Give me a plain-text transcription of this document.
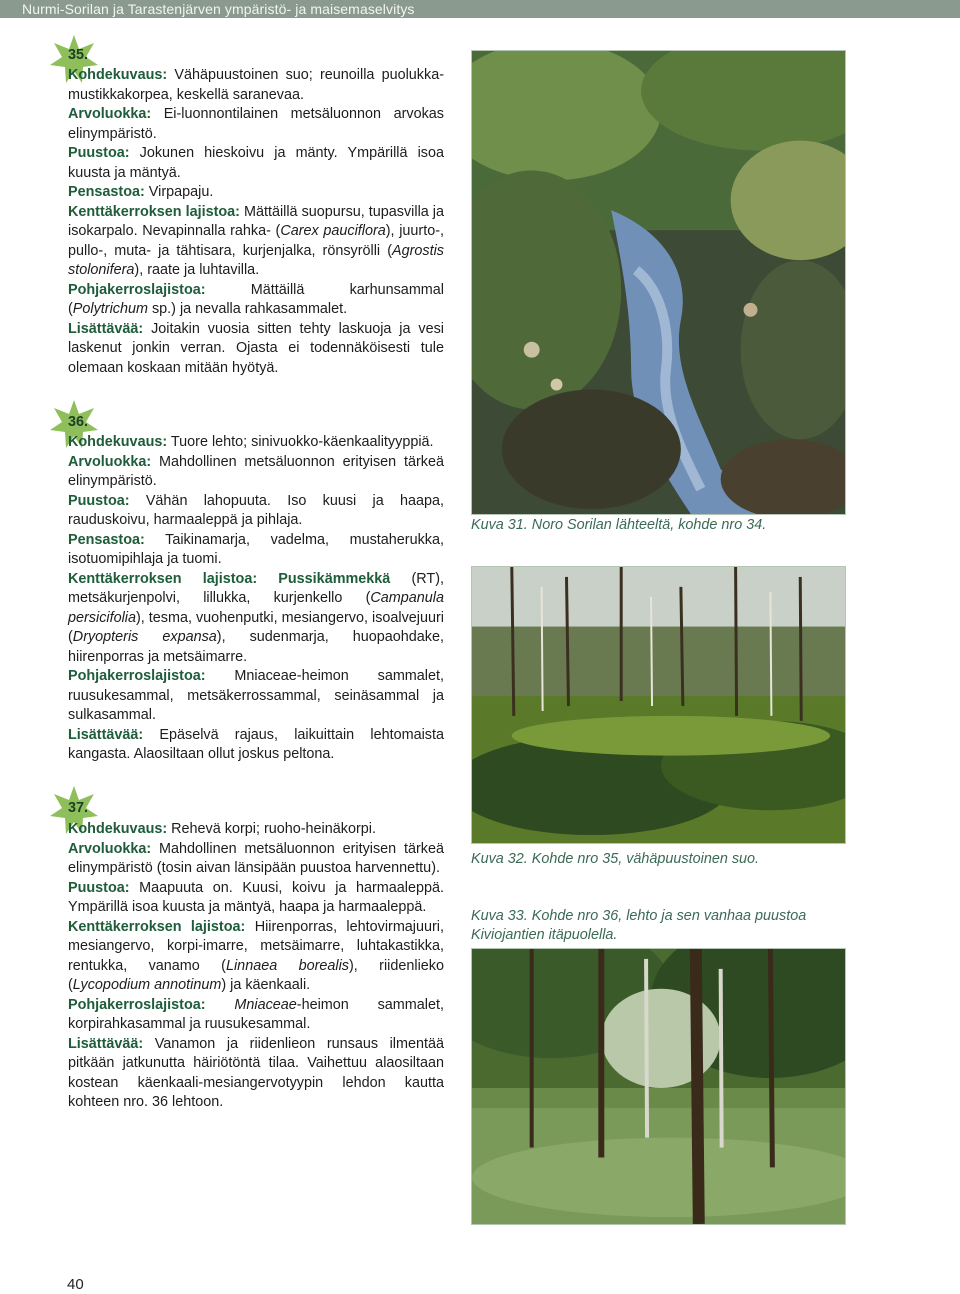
Nurmi-Sorilan ja Tarastenjärven ympäristö- ja maisemaselvitys
35.

Kohdekuvaus: Vähäpuustoinen suo; reunoilla puolukka-mustikkakorpea, keskellä saranevaa.

Arvoluokka: Ei-luonnontilainen metsäluonnon arvokas elinympäristö.

Puustoa: Jokunen hieskoivu ja mänty. Ympärillä isoa kuusta ja mäntyä.

Pensastoa: Virpapaju.

Kenttäkerroksen lajistoa: Mättäillä suopursu, tupasvilla ja isokarpalo. Nevapinnalla rahka- (Carex pauciflora), juurto-, pullo-, muta- ja tähtisara, kurjenjalka, rönsyrölli (Agrostis stolonifera), raate ja luhtavilla.

Pohjakerroslajistoa: Mättäillä karhunsammal (Polytrichum sp.) ja nevalla rahkasammalet.

Lisättävää: Joitakin vuosia sitten tehty laskuoja ja vesi laskenut jonkin verran. Ojasta ei todennäköisesti tule olemaan koskaan mitään hyötyä.

36.

Kohdekuvaus: Tuore lehto; sinivuokko-käenkaalityyppiä.

Arvoluokka: Mahdollinen metsäluonnon erityisen tärkeä elinympäristö.

Puustoa: Vähän lahopuuta. Iso kuusi ja haapa, rauduskoivu, harmaaleppä ja pihlaja.

Pensastoa: Taikinamarja, vadelma, mustaherukka, isotuomipihlaja ja tuomi.

Kenttäkerroksen lajistoa: Pussikämmekkä (RT), metsäkurjenpolvi, lillukka, kurjenkello (Campanula persicifolia), tesma, vuohenputki, mesiangervo, isoalvejuuri (Dryopteris expansa), sudenmarja, huopaohdake, hiirenporras ja metsäimarre.

Pohjakerroslajistoa: Mniaceae-heimon sammalet, ruusukesammal, metsäkerrossammal, seinäsammal ja sulkasammal.

Lisättävää: Epäselvä rajaus, laikuittain lehtomaista kangasta. Alaosiltaan ollut joskus peltona.

37.

Kohdekuvaus: Rehevä korpi; ruoho-heinäkorpi.

Arvoluokka: Mahdollinen metsäluonnon erityisen tärkeä elinympäristö (tosin aivan länsipään puustoa harvennettu).

Puustoa: Maapuuta on. Kuusi, koivu ja harmaaleppä. Ympärillä isoa kuusta ja mäntyä, haapa ja harmaaleppä.

Kenttäkerroksen lajistoa: Hiirenporras, lehtovirmajuuri, mesiangervo, korpi-imarre, metsäimarre, luhtakastikka, rentukka, vanamo (Linnaea borealis), riidenlieko (Lycopodium annotinum) ja käenkaali.

Pohjakerroslajistoa: Mniaceae-heimon sammalet, korpirahkasammal ja ruusukesammal.

Lisättävää: Vanamon ja riidenlieon runsaus ilmentää pitkään jatkunutta häiriötöntä tilaa. Vaihettuu alaosiltaan kostean käenkaali-mesiangervotyypin lehdon kautta kohteen nro. 36 lehtoon.

Kuva 31. Noro Sorilan lähteeltä, kohde nro 34.
Kuva 32. Kohde nro 35, vähäpuustoinen suo.
Kuva 33. Kohde nro 36, lehto ja sen vanhaa puustoa Kiviojantien itäpuolella.
40
